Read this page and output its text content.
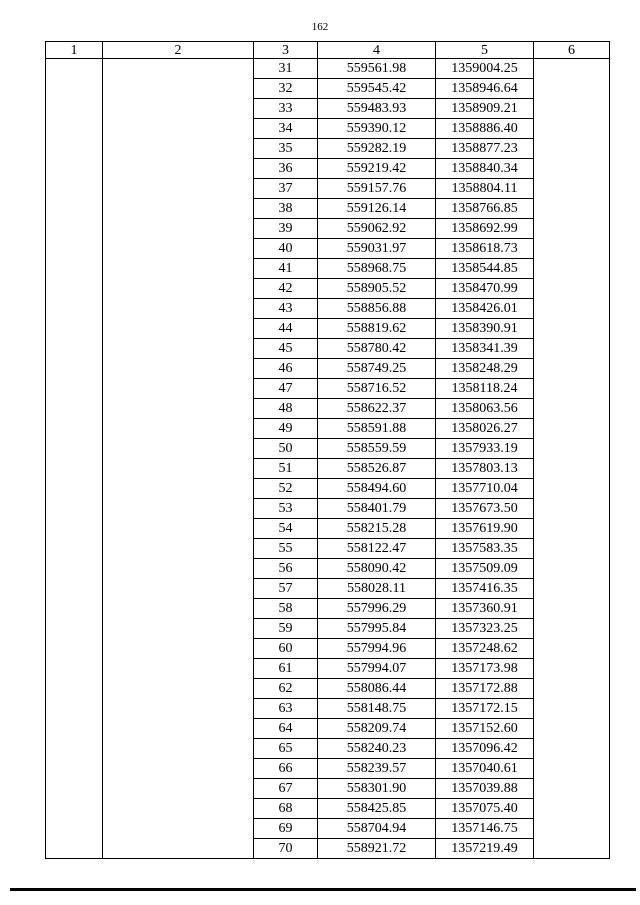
162
1	2	3	4	5	6
		31	559561.98	1359004.25	
		32	559545.42	1358946.64	
		33	559483.93	1358909.21	
		34	559390.12	1358886.40	
		35	559282.19	1358877.23	
		36	559219.42	1358840.34	
		37	559157.76	1358804.11	
		38	559126.14	1358766.85	
		39	559062.92	1358692.99	
		40	559031.97	1358618.73	
		41	558968.75	1358544.85	
		42	558905.52	1358470.99	
		43	558856.88	1358426.01	
		44	558819.62	1358390.91	
		45	558780.42	1358341.39	
		46	558749.25	1358248.29	
		47	558716.52	1358118.24	
		48	558622.37	1358063.56	
		49	558591.88	1358026.27	
		50	558559.59	1357933.19	
		51	558526.87	1357803.13	
		52	558494.60	1357710.04	
		53	558401.79	1357673.50	
		54	558215.28	1357619.90	
		55	558122.47	1357583.35	
		56	558090.42	1357509.09	
		57	558028.11	1357416.35	
		58	557996.29	1357360.91	
		59	557995.84	1357323.25	
		60	557994.96	1357248.62	
		61	557994.07	1357173.98	
		62	558086.44	1357172.88	
		63	558148.75	1357172.15	
		64	558209.74	1357152.60	
		65	558240.23	1357096.42	
		66	558239.57	1357040.61	
		67	558301.90	1357039.88	
		68	558425.85	1357075.40	
		69	558704.94	1357146.75	
		70	558921.72	1357219.49	
